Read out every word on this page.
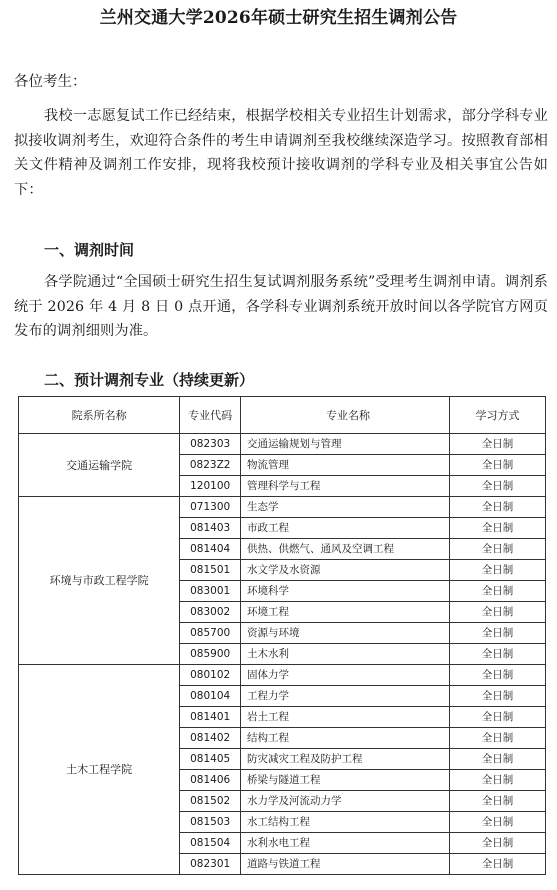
兰州交通大学2026年硕士研究生招生调剂公告
各位考生：
我校一志愿复试工作已经结束，根据学校相关专业招生计划需求，部分学科专业拟接收调剂考生，欢迎符合条件的考生申请调剂至我校继续深造学习。按照教育部相关文件精神及调剂工作安排，现将我校预计接收调剂的学科专业及相关事宜公告如下：
一、调剂时间
各学院通过“全国硕士研究生招生复试调剂服务系统”受理考生调剂申请。调剂系统于 2026 年 4 月 8 日 0 点开通，各学科专业调剂系统开放时间以各学院官方网页发布的调剂细则为准。
二、预计调剂专业（持续更新）
院系所名称	专业代码	专业名称	学习方式
交通运输学院	082303	交通运输规划与管理	全日制
	0823Z2	物流管理	全日制
	120100	管理科学与工程	全日制
环境与市政工程学院	071300	生态学	全日制
	081403	市政工程	全日制
	081404	供热、供燃气、通风及空调工程	全日制
	081501	水文学及水资源	全日制
	083001	环境科学	全日制
	083002	环境工程	全日制
	085700	资源与环境	全日制
	085900	土木水利	全日制
土木工程学院	080102	固体力学	全日制
	080104	工程力学	全日制
	081401	岩土工程	全日制
	081402	结构工程	全日制
	081405	防灾减灾工程及防护工程	全日制
	081406	桥梁与隧道工程	全日制
	081502	水力学及河流动力学	全日制
	081503	水工结构工程	全日制
	081504	水利水电工程	全日制
	082301	道路与铁道工程	全日制
